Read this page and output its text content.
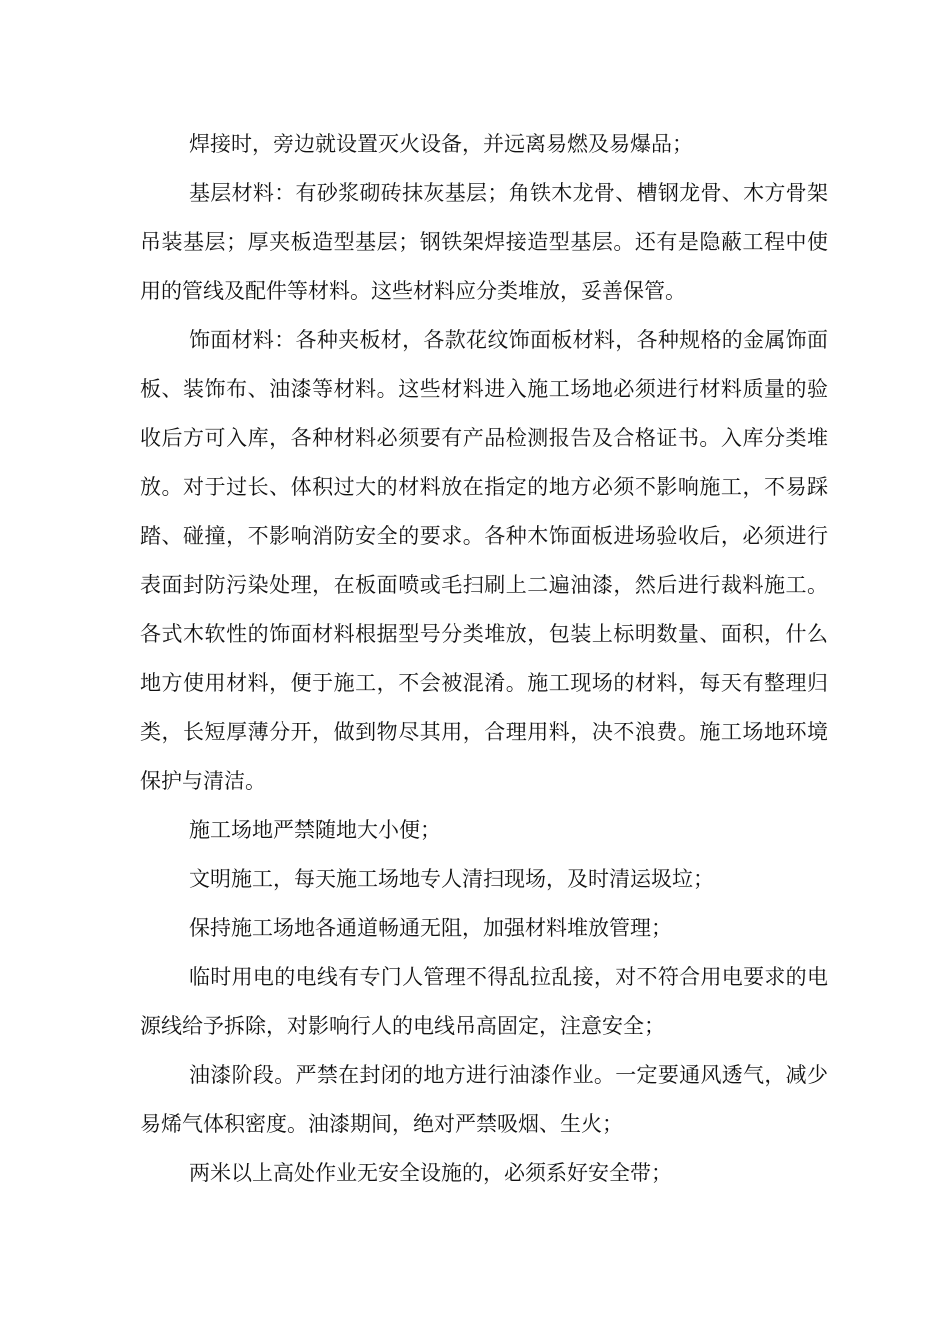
焊接时，旁边就设置灭火设备，并远离易燃及易爆品；

基层材料：有砂浆砌砖抹灰基层；角铁木龙骨、槽钢龙骨、木方骨架吊装基层；厚夹板造型基层；钢铁架焊接造型基层。还有是隐蔽工程中使用的管线及配件等材料。这些材料应分类堆放，妥善保管。

饰面材料：各种夹板材，各款花纹饰面板材料，各种规格的金属饰面板、装饰布、油漆等材料。这些材料进入施工场地必须进行材料质量的验收后方可入库，各种材料必须要有产品检测报告及合格证书。入库分类堆放。对于过长、体积过大的材料放在指定的地方必须不影响施工，不易踩踏、碰撞，不影响消防安全的要求。各种木饰面板进场验收后，必须进行表面封防污染处理，在板面喷或毛扫刷上二遍油漆，然后进行裁料施工。各式木软性的饰面材料根据型号分类堆放，包装上标明数量、面积，什么地方使用材料，便于施工，不会被混淆。施工现场的材料，每天有整理归类，长短厚薄分开，做到物尽其用，合理用料，决不浪费。施工场地环境保护与清洁。

施工场地严禁随地大小便；

文明施工，每天施工场地专人清扫现场，及时清运圾垃；

保持施工场地各通道畅通无阻，加强材料堆放管理；

临时用电的电线有专门人管理不得乱拉乱接，对不符合用电要求的电源线给予拆除，对影响行人的电线吊高固定，注意安全；

油漆阶段。严禁在封闭的地方进行油漆作业。一定要通风透气，减少易烯气体积密度。油漆期间，绝对严禁吸烟、生火；

两米以上高处作业无安全设施的，必须系好安全带；
